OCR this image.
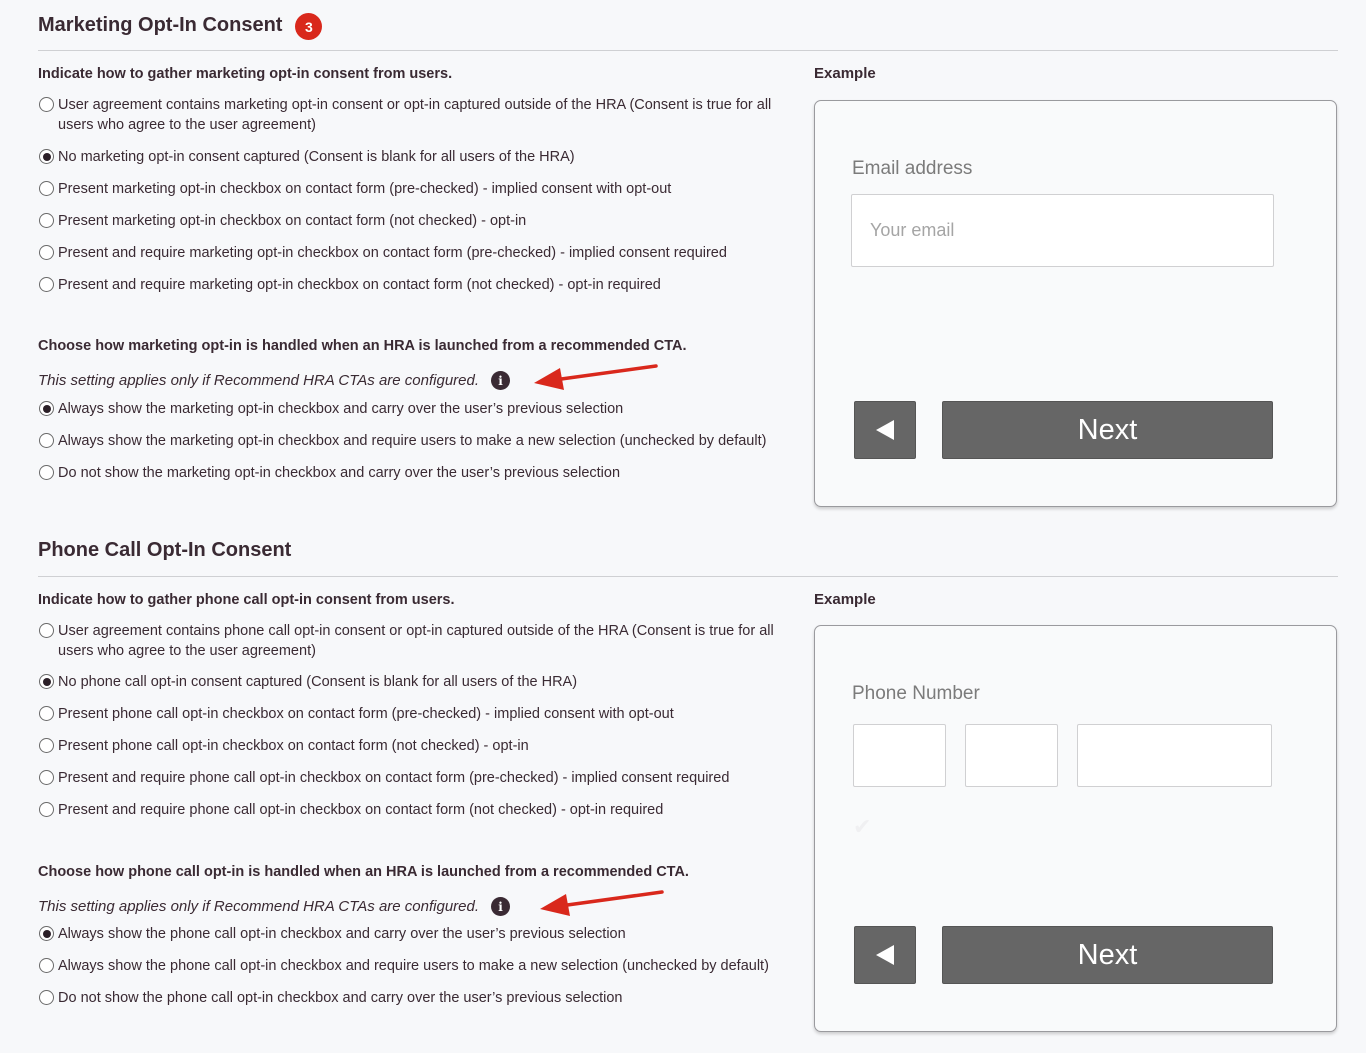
Marketing Opt-In Consent	3
Indicate how to gather marketing opt-in consent from users.
User agreement contains marketing opt-in consent or opt-in captured outside of the HRA (Consent is true for all users who agree to the user agreement)
No marketing opt-in consent captured (Consent is blank for all users of the HRA)
Present marketing opt-in checkbox on contact form (pre-checked) - implied consent with opt-out
Present marketing opt-in checkbox on contact form (not checked) - opt-in
Present and require marketing opt-in checkbox on contact form (pre-checked) - implied consent required
Present and require marketing opt-in checkbox on contact form (not checked) - opt-in required
Choose how marketing opt-in is handled when an HRA is launched from a recommended CTA.
This setting applies only if Recommend HRA CTAs are configured.	i
Always show the marketing opt-in checkbox and carry over the user’s previous selection
Always show the marketing opt-in checkbox and require users to make a new selection (unchecked by default)
Do not show the marketing opt-in checkbox and carry over the user’s previous selection
Example
Email address
Your email
Next
Phone Call Opt-In Consent
Indicate how to gather phone call opt-in consent from users.
User agreement contains phone call opt-in consent or opt-in captured outside of the HRA (Consent is true for all users who agree to the user agreement)
No phone call opt-in consent captured (Consent is blank for all users of the HRA)
Present phone call opt-in checkbox on contact form (pre-checked) - implied consent with opt-out
Present phone call opt-in checkbox on contact form (not checked) - opt-in
Present and require phone call opt-in checkbox on contact form (pre-checked) - implied consent required
Present and require phone call opt-in checkbox on contact form (not checked) - opt-in required
Choose how phone call opt-in is handled when an HRA is launched from a recommended CTA.
This setting applies only if Recommend HRA CTAs are configured.	i
Always show the phone call opt-in checkbox and carry over the user’s previous selection
Always show the phone call opt-in checkbox and require users to make a new selection (unchecked by default)
Do not show the phone call opt-in checkbox and carry over the user’s previous selection
Example
Phone Number
✔
Next
